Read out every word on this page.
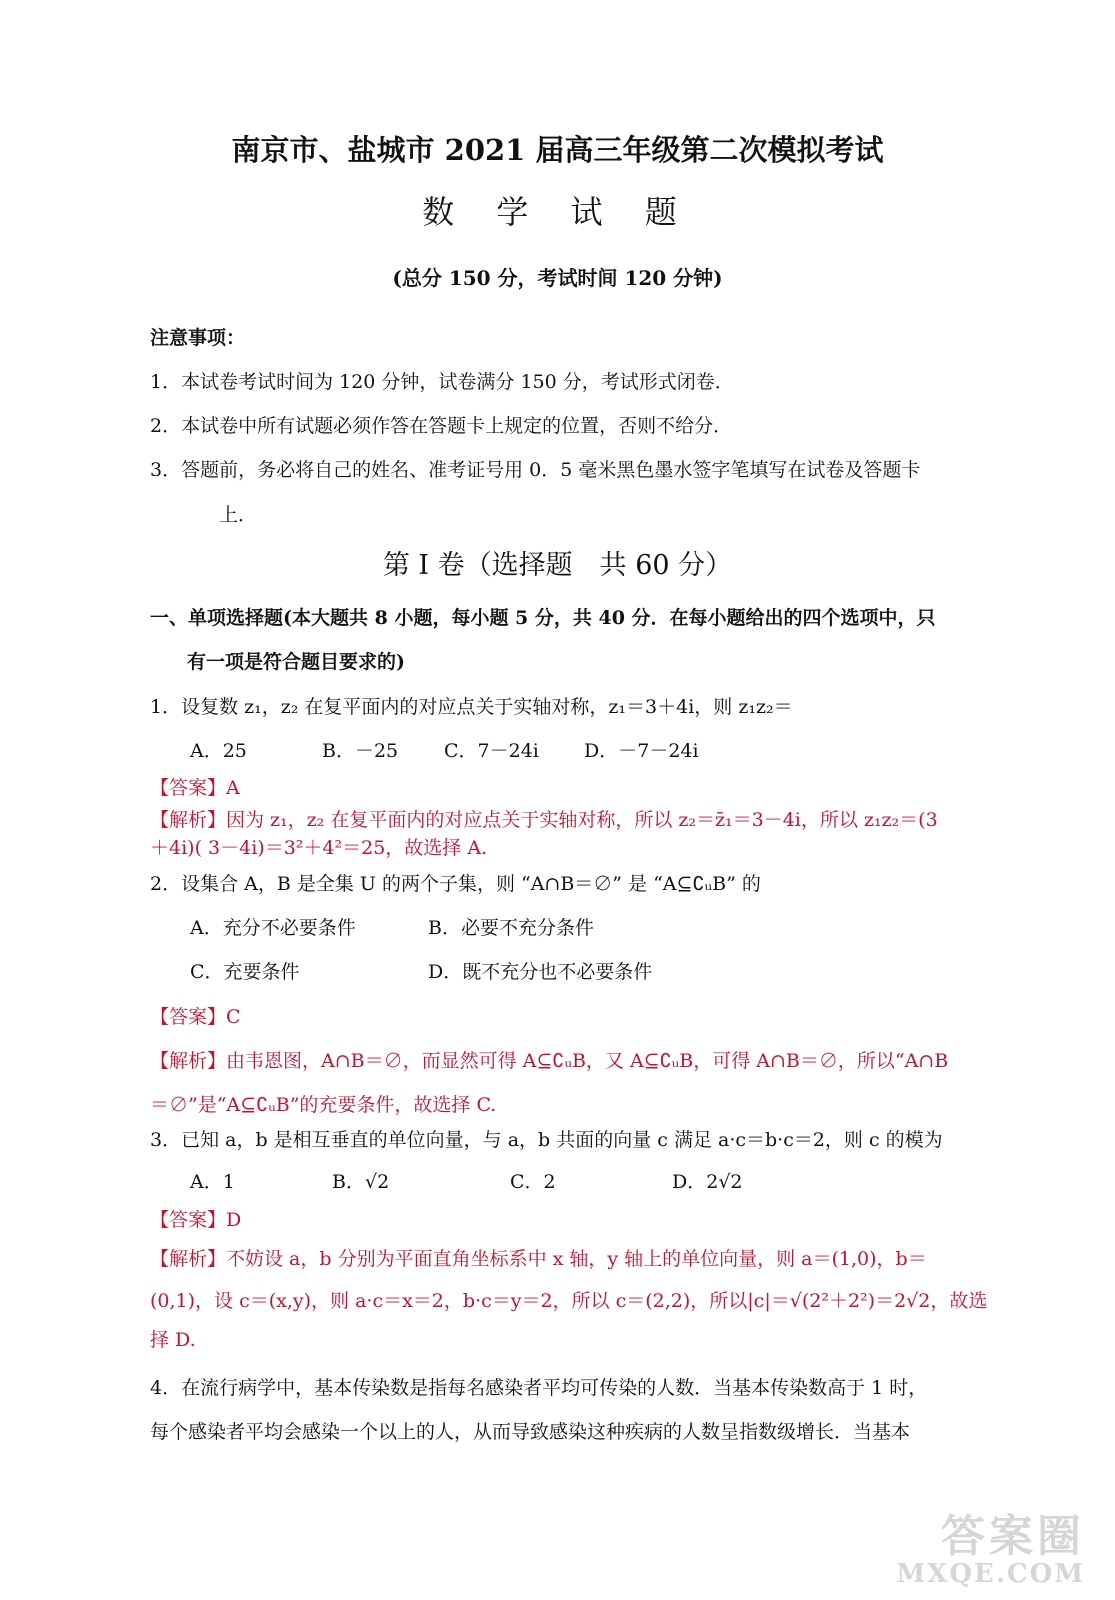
南京市、盐城市 2021 届高三年级第二次模拟考试
数 学 试 题
(总分 150 分，考试时间 120 分钟)
注意事项：
1．本试卷考试时间为 120 分钟，试卷满分 150 分，考试形式闭卷．
2．本试卷中所有试题必须作答在答题卡上规定的位置，否则不给分．
3．答题前，务必将自己的姓名、准考证号用 0．5 毫米黑色墨水签字笔填写在试卷及答题卡
上．
第 I 卷（选择题　共 60 分）
一、单项选择题(本大题共 8 小题，每小题 5 分，共 40 分．在每小题给出的四个选项中，只
有一项是符合题目要求的)
1．设复数 z₁，z₂ 在复平面内的对应点关于实轴对称，z₁＝3＋4i，则 z₁z₂＝
A．25	B．－25 C．7－24i D．－7－24i
【答案】A
【解析】因为 z₁，z₂ 在复平面内的对应点关于实轴对称，所以 z₂＝z̄₁＝3－4i，所以 z₁z₂＝(3
＋4i)( 3－4i)＝3²＋4²＝25，故选择 A.
2．设集合 A，B 是全集 U 的两个子集，则 “A∩B＝∅” 是 “A⊆∁ᵤB” 的
A．充分不必要条件	B．必要不充分条件
C．充要条件	D．既不充分也不必要条件
【答案】C
【解析】由韦恩图，A∩B＝∅，而显然可得 A⊆∁ᵤB，又 A⊆∁ᵤB，可得 A∩B＝∅，所以“A∩B
＝∅”是“A⊆∁ᵤB”的充要条件，故选择 C.
3．已知 a，b 是相互垂直的单位向量，与 a，b 共面的向量 c 满足 a·c＝b·c＝2，则 c 的模为
A．1	B．√2	C．2	D．2√2
【答案】D
【解析】不妨设 a，b 分别为平面直角坐标系中 x 轴，y 轴上的单位向量，则 a＝(1,0)，b＝
(0,1)，设 c＝(x,y)，则 a·c＝x＝2，b·c＝y＝2，所以 c＝(2,2)，所以|c|＝√(2²＋2²)＝2√2，故选
择 D.
4．在流行病学中，基本传染数是指每名感染者平均可传染的人数．当基本传染数高于 1 时，
每个感染者平均会感染一个以上的人，从而导致感染这种疾病的人数呈指数级增长．当基本
答案圈
MXQE.COM
